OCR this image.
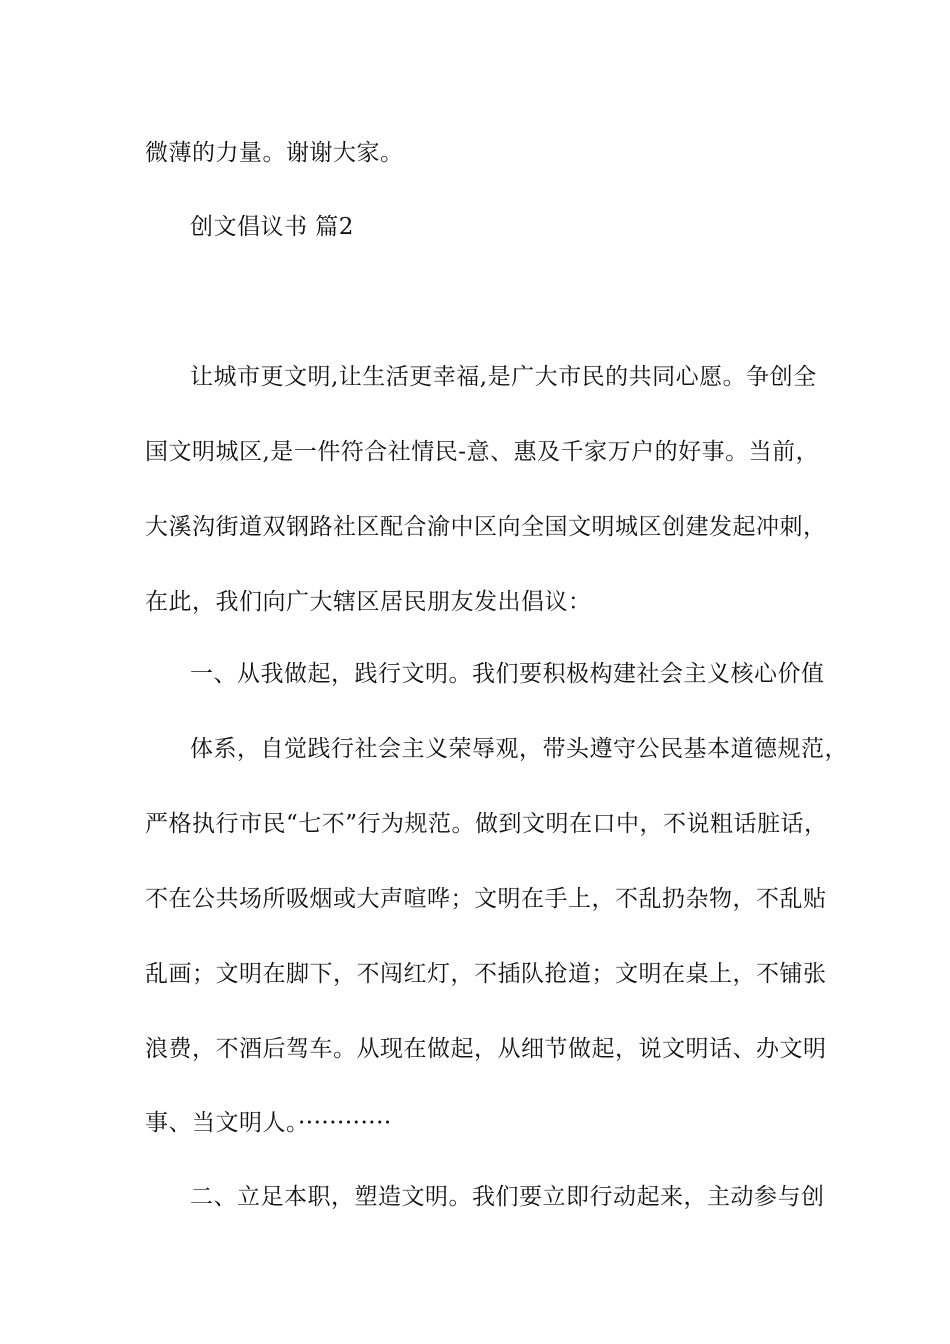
微薄的力量。谢谢大家。
创文倡议书 篇2
让城市更文明,让生活更幸福,是广大市民的共同心愿。争创全
国文明城区,是一件符合社情民-意、惠及千家万户的好事。当前，
大溪沟街道双钢路社区配合渝中区向全国文明城区创建发起冲刺，
在此，我们向广大辖区居民朋友发出倡议：
一、从我做起，践行文明。我们要积极构建社会主义核心价值
体系，自觉践行社会主义荣辱观，带头遵守公民基本道德规范，
严格执行市民“七不”行为规范。做到文明在口中，不说粗话脏话，
不在公共场所吸烟或大声喧哗；文明在手上，不乱扔杂物，不乱贴
乱画；文明在脚下，不闯红灯，不插队抢道；文明在桌上，不铺张
浪费，不酒后驾车。从现在做起，从细节做起，说文明话、办文明
事、当文明人。············
二、立足本职，塑造文明。我们要立即行动起来，主动参与创
